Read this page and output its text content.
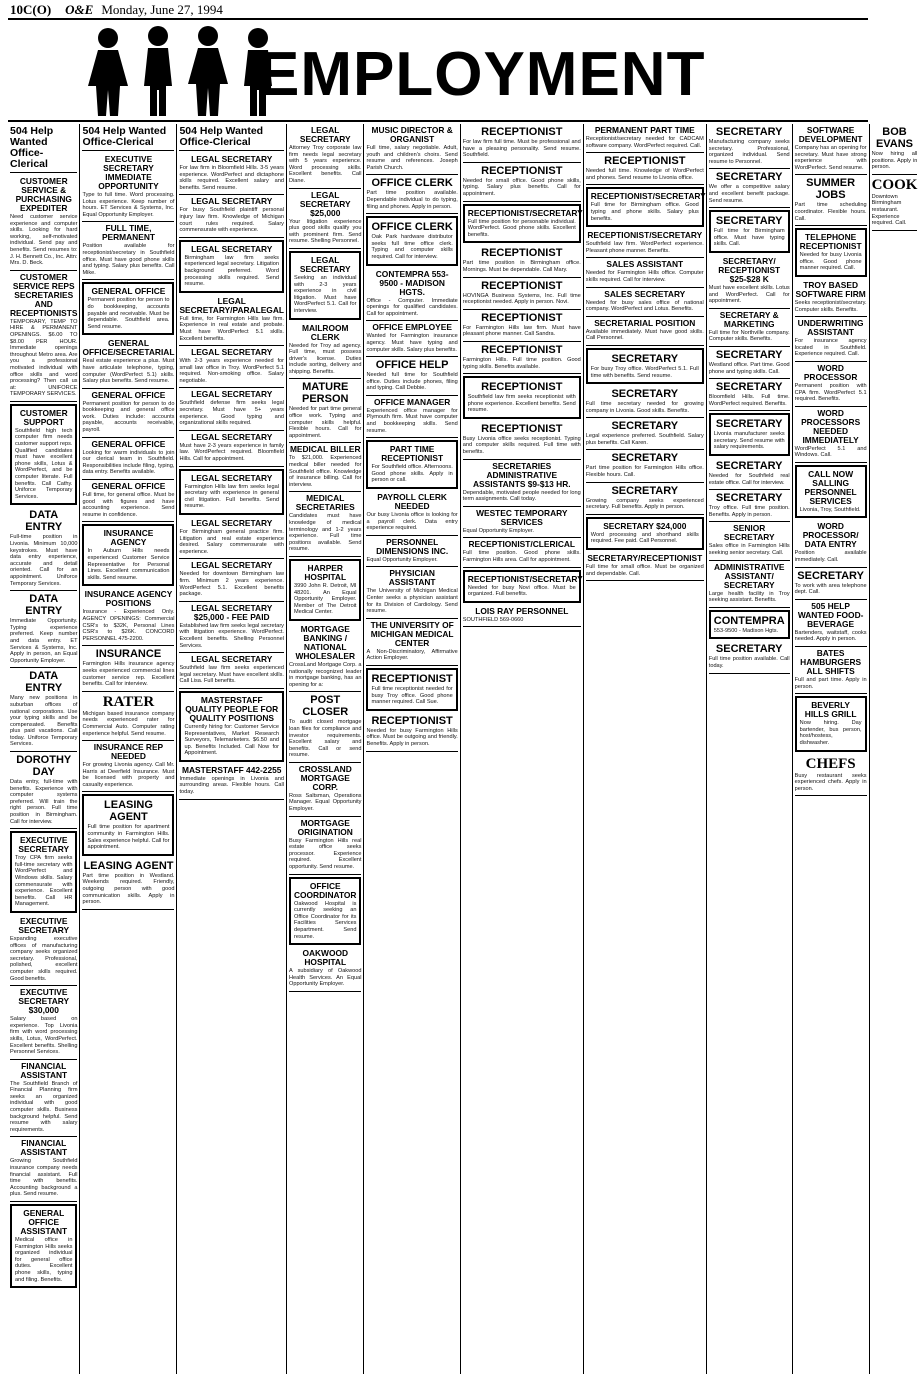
10C(O) O&E Monday, June 27, 1994
EMPLOYMENT
504 Help Wanted Office-Clerical
CUSTOMER SERVICE & PURCHASING EXPEDITER

Need customer service experience and computer skills. Looking for hard working, self-motivated individual. Send pay and benefits. Send resumes to: J. H. Bennett Co., Inc. Attn: Mrs. D. Beck.

CUSTOMER SERVICE REPS SECRETARIES AND RECEPTIONISTS

TEMPORARY, TEMP TO HIRE & PERMANENT OPENINGS. $6.00 TO $8.00 PER HOUR. Immediate openings throughout Metro area. Are you a professional motivated individual with office skills and word processing? Then call us at: UNIFORCE TEMPORARY SERVICES.

CUSTOMER SUPPORT

Southfield high tech computer firm needs customer support reps. Qualified candidates must have excellent phone skills, Lotus & WordPerfect, and be computer literate. Full benefits. Call Cathy. Uniforce Temporary Services.

DATA ENTRY

Full-time position in Livonia. Minimum 10,000 keystrokes. Must have data entry experience, accurate and detail oriented. Call for an appointment. Uniforce Temporary Services.

DATA ENTRY

Immediate Opportunity. Typing experience preferred. Keep number and data entry. ET Services & Systems, Inc. Apply in person, an Equal Opportunity Employer.

DATA ENTRY

Many new positions in suburban offices of national corporations. Use your typing skills and be compensated. Benefits plus paid vacations. Call today. Uniforce Temporary Services.

DOROTHY DAY

Data entry, full-time with benefits. Experience with computer systems preferred. Will train the right person. Full time position in Birmingham. Call for interview.

EXECUTIVE SECRETARY

Troy CPA firm seeks full-time secretary with WordPerfect and Windows skills. Salary commensurate with experience. Excellent benefits. Call HR Management.

EXECUTIVE SECRETARY

Expanding executive offices of manufacturing company seeks organized secretary. Professional, polished, excellent computer skills required. Good benefits.

EXECUTIVE SECRETARY $30,000

Salary based on experience. Top Livonia firm with word processing skills, Lotus, WordPerfect. Excellent benefits. Shelling Personnel Services.

FINANCIAL ASSISTANT

The Southfield Branch of Financial Planning firm seeks an organized individual with good computer skills. Business background helpful. Send resume with salary requirements.

FINANCIAL ASSISTANT

Growing Southfield insurance company needs financial assistant. Full time with benefits. Accounting background a plus. Send resume.

GENERAL OFFICE ASSISTANT

Medical office in Farmington Hills seeks organized individual for general office duties. Excellent phone skills, typing and filing. Benefits.

504 Help Wanted Office-Clerical
EXECUTIVE SECRETARY IMMEDIATE OPPORTUNITY

Type to full time. Word processing. Lotus experience. Keep number of hours. ET Services & Systems, Inc. Equal Opportunity Employer.

FULL TIME, PERMANENT

Position available for receptionist/secretary in Southfield office. Must have good phone skills and typing. Salary plus benefits. Call Mike.

GENERAL OFFICE

Permanent position for person to do bookkeeping, accounts payable and receivable. Must be dependable. Southfield area. Send resume.

GENERAL OFFICE/SECRETARIAL

Real estate experience a plus. Must have articulate telephone, typing, computer (WordPerfect 5.1) skills. Salary plus benefits. Send resume.

GENERAL OFFICE

Permanent position for person to do bookkeeping and general office work. Duties include: accounts payable, accounts receivable, payroll.

GENERAL OFFICE

Looking for warm individuals to join our clerical team in Southfield. Responsibilities include filing, typing, data entry. Benefits available.

GENERAL OFFICE

Full time, for general office. Must be good with figures and have accounting experience. Send resume in confidence.

INSURANCE AGENCY

In Auburn Hills needs experienced Customer Service Representative for Personal Lines. Excellent communication skills. Send resume.

INSURANCE AGENCY POSITIONS

Insurance - Experienced Only. AGENCY OPENINGS: Commercial CSR's to $32K, Personal Lines CSR's to $26K. CONCORD PERSONNEL 475-2200.

INSURANCE

Farmington Hills insurance agency seeks experienced commercial lines customer service rep. Excellent benefits. Call for interview.

RATER

Michigan based insurance company needs experienced rater for Commercial Auto. Computer rating experience helpful. Send resume.

INSURANCE REP NEEDED

For growing Livonia agency. Call Mr. Harris at Deerfield Insurance. Must be licensed with property and casualty experience.

LEASING AGENT

Full time position for apartment community in Farmington Hills. Sales experience helpful. Call for appointment.

LEASING AGENT

Part time position in Westland. Weekends required. Friendly, outgoing person with good communication skills. Apply in person.

504 Help Wanted Office-Clerical
LEGAL SECRETARY

For law firm in Bloomfield Hills. 3-5 years experience. WordPerfect and dictaphone skills required. Excellent salary and benefits. Send resume.

LEGAL SECRETARY

For busy Southfield plaintiff personal injury law firm. Knowledge of Michigan court rules required. Salary commensurate with experience.

LEGAL SECRETARY

Birmingham law firm seeks experienced legal secretary. Litigation background preferred. Word processing skills required. Send resume.

LEGAL SECRETARY/PARALEGAL

Full time, for Farmington Hills law firm. Experience in real estate and probate. Must have WordPerfect 5.1 skills. Excellent benefits.

LEGAL SECRETARY

With 2-3 years experience needed for small law office in Troy. WordPerfect 5.1 required. Non-smoking office. Salary negotiable.

LEGAL SECRETARY

Southfield defense firm seeks legal secretary. Must have 5+ years experience. Good typing and organizational skills required.

LEGAL SECRETARY

Must have 2-3 years experience in family law. WordPerfect required. Bloomfield Hills. Call for appointment.

LEGAL SECRETARY

Farmington Hills law firm seeks legal secretary with experience in general civil litigation. Full benefits. Send resume.

LEGAL SECRETARY

For Birmingham general practice firm. Litigation and real estate experience desired. Salary commensurate with experience.

LEGAL SECRETARY

Needed for downtown Birmingham law firm. Minimum 2 years experience. WordPerfect 5.1. Excellent benefits package.

LEGAL SECRETARY $25,000 - FEE PAID

Established law firm seeks legal secretary with litigation experience. WordPerfect. Excellent benefits. Shelling Personnel Services.

LEGAL SECRETARY

Southfield law firm seeks experienced legal secretary. Must have excellent skills. Call Lisa. Full benefits.

MASTERSTAFF QUALITY PEOPLE FOR QUALITY POSITIONS

Currently hiring for: Customer Service Representatives, Market Research Surveyors, Telemarketers. $6.50 and up. Benefits Included. Call Now for Appointment.

MASTERSTAFF 442-2255

Immediate openings in Livonia and surrounding areas. Flexible hours. Call today.

LEGAL SECRETARY

Attorney Troy corporate law firm needs legal secretary with 5 years experience. Word processing skills. Excellent benefits. Call Diane.

LEGAL SECRETARY $25,000

Your litigation experience plus good skills qualify you with prominent firm. Send resume. Shelling Personnel.

LEGAL SECRETARY

Seeking an individual with 2-3 years experience in civil litigation. Must have WordPerfect 5.1. Call for interview.

MAILROOM CLERK

Needed for Troy ad agency. Full time, must possess driver's license. Duties include sorting, delivery and shipping. Benefits.

MATURE PERSON

Needed for part time general office work. Typing and computer skills helpful. Flexible hours. Call for appointment.

MEDICAL BILLER

To $21,000. Experienced medical biller needed for Southfield office. Knowledge of insurance billing. Call for interview.

MEDICAL SECRETARIES

Candidates must have knowledge of medical terminology and 1-2 years experience. Full time positions available. Send resume.

HARPER HOSPITAL

3990 John R. Detroit, MI 48201. An Equal Opportunity Employer. Member of The Detroit Medical Center.

MORTGAGE BANKING / NATIONAL WHOLESALER

CrossLand Mortgage Corp. a nationally recognized leader in mortgage banking, has an opening for a:

POST CLOSER

To audit closed mortgage loan files for compliance and investor requirements. Excellent salary and benefits. Call or send resume.

CROSSLAND MORTGAGE CORP.

Ross Saltsman, Operations Manager. Equal Opportunity Employer.

MORTGAGE ORIGINATION

Busy Farmington Hills real estate office seeks processor. Experience required. Excellent opportunity. Send resume.

OFFICE COORDINATOR

Oakwood Hospital is currently seeking an Office Coordinator for its Facilities Services department. Send resume.

OAKWOOD HOSPITAL

A subsidiary of Oakwood Health Services. An Equal Opportunity Employer.

MUSIC DIRECTOR & ORGANIST

Full time, salary negotiable. Adult, youth and children's choirs. Send resume and references. Joseph Parish Church.

OFFICE CLERK

Part time position available. Dependable individual to do typing, filing and phones. Apply in person.

OFFICE CLERK

Oak Park hardware distributor seeks full time office clerk. Typing and computer skills required. Call for interview.

CONTEMPRA 553-9500 - MADISON HGTS.

Office - Computer. Immediate openings for qualified candidates. Call for appointment.

OFFICE EMPLOYEE

Wanted for Farmington insurance agency. Must have typing and computer skills. Salary plus benefits.

OFFICE HELP

Needed full time for Southfield office. Duties include phones, filing and typing. Call Debbie.

OFFICE MANAGER

Experienced office manager for Plymouth firm. Must have computer and bookkeeping skills. Send resume.

PART TIME RECEPTIONIST

For Southfield office. Afternoons. Good phone skills. Apply in person or call.

PAYROLL CLERK NEEDED

Our busy Livonia office is looking for a payroll clerk. Data entry experience required.

PERSONNEL DIMENSIONS INC.

Equal Opportunity Employer.

PHYSICIAN ASSISTANT

The University of Michigan Medical Center seeks a physician assistant for its Division of Cardiology. Send resume.

THE UNIVERSITY OF MICHIGAN MEDICAL CENTER

A Non-Discriminatory, Affirmative Action Employer.

RECEPTIONIST

Full time receptionist needed for busy Troy office. Good phone manner required. Call Sue.

RECEPTIONIST

Needed for busy Farmington Hills office. Must be outgoing and friendly. Benefits. Apply in person.

RECEPTIONIST

For law firm full time. Must be professional and have a pleasing personality. Send resume. Southfield.

RECEPTIONIST

Needed for small office. Good phone skills, typing. Salary plus benefits. Call for appointment.

RECEPTIONIST/SECRETARY

Full time position for personable individual. WordPerfect. Good phone skills. Excellent benefits.

RECEPTIONIST

Part time position in Birmingham office. Mornings. Must be dependable. Call Mary.

RECEPTIONIST

HOVINGA Business Systems, Inc. Full time receptionist needed. Apply in person. Novi.

RECEPTIONIST

For Farmington Hills law firm. Must have pleasant phone manner. Call Sandra.

RECEPTIONIST

Farmington Hills. Full time position. Good typing skills. Benefits available.

RECEPTIONIST

Southfield law firm seeks receptionist with phone experience. Excellent benefits. Send resume.

RECEPTIONIST

Busy Livonia office seeks receptionist. Typing and computer skills required. Full time with benefits.

SECRETARIES ADMINISTRATIVE ASSISTANTS $9-$13 HR.

Dependable, motivated people needed for long term assignments. Call today.

WESTEC TEMPORARY SERVICES

Equal Opportunity Employer.

RECEPTIONIST/CLERICAL

Full time position. Good phone skills. Farmington Hills area. Call for appointment.

RECEPTIONIST/SECRETARY

Needed for busy Novi office. Must be organized. Full benefits.

LOIS RAY PERSONNEL

SOUTHFIELD 569-0660

PERMANENT PART TIME

Receptionist/secretary needed for CADCAM software company. WordPerfect required. Call.

RECEPTIONIST

Needed full time. Knowledge of WordPerfect and phones. Send resume to Livonia office.

RECEPTIONIST/SECRETARY

Full time for Birmingham office. Good typing and phone skills. Salary plus benefits.

RECEPTIONIST/SECRETARY

Southfield law firm. WordPerfect experience. Pleasant phone manner. Benefits.

SALES ASSISTANT

Needed for Farmington Hills office. Computer skills required. Call for interview.

SALES SECRETARY

Needed for busy sales office of national company. WordPerfect and Lotus. Benefits.

SECRETARIAL POSITION

Available immediately. Must have good skills. Call Personnel.

SECRETARY

For busy Troy office. WordPerfect 5.1. Full time with benefits. Send resume.

SECRETARY

Full time secretary needed for growing company in Livonia. Good skills. Benefits.

SECRETARY

Legal experience preferred. Southfield. Salary plus benefits. Call Karen.

SECRETARY

Part time position for Farmington Hills office. Flexible hours. Call.

SECRETARY

Growing company seeks experienced secretary. Full benefits. Apply in person.

SECRETARY $24,000

Word processing and shorthand skills required. Fee paid. Call Personnel.

SECRETARY/RECEPTIONIST

Full time for small office. Must be organized and dependable. Call.

SECRETARY

Manufacturing company seeks secretary. Professional, organized individual. Send resume to Personnel.

SECRETARY

We offer a competitive salary and excellent benefit package. Send resume.

SECRETARY

Full time for Birmingham office. Must have typing skills. Call.

SECRETARY/ RECEPTIONIST $25-$28 K

Must have excellent skills. Lotus and WordPerfect. Call for appointment.

SECRETARY & MARKETING

Full time for Northville company. Computer skills. Benefits.

SECRETARY

Westland office. Part time. Good phone and typing skills. Call.

SECRETARY

Bloomfield Hills. Full time. WordPerfect required. Benefits.

SECRETARY

Livonia manufacturer seeks secretary. Send resume with salary requirements.

SECRETARY

Needed for Southfield real estate office. Call for interview.

SECRETARY

Troy office. Full time position. Benefits. Apply in person.

SENIOR SECRETARY

Sales office in Farmington Hills seeking senior secretary. Call.

ADMINISTRATIVE ASSISTANT/ SECRETARY

Large health facility in Troy seeking assistant. Benefits.

CONTEMPRA

553-9500 - Madison Hgts.

SECRETARY

Full time position available. Call today.

SOFTWARE DEVELOPMENT

Company has an opening for secretary. Must have strong experience with WordPerfect. Send resume.

SUMMER JOBS

Part time scheduling coordinator. Flexible hours. Call.

TELEPHONE RECEPTIONIST

Needed for busy Livonia office. Good phone manner required. Call.

TROY BASED SOFTWARE FIRM

Seeks receptionist/secretary. Computer skills. Benefits.

UNDERWRITING ASSISTANT

For insurance agency located in Southfield. Experience required. Call.

WORD PROCESSOR

Permanent position with CPA firm. WordPerfect 5.1 required. Benefits.

WORD PROCESSORS NEEDED IMMEDIATELY

WordPerfect 5.1 and Windows. Call.

CALL NOW SALLING PERSONNEL SERVICES

Livonia, Troy, Southfield.

WORD PROCESSOR/ DATA ENTRY

Position available immediately. Call.

SECRETARY

To work with area telephone dept. Call.

505 HELP WANTED FOOD-BEVERAGE

Bartenders, waitstaff, cooks needed. Apply in person.

BATES HAMBURGERS ALL SHIFTS

Full and part time. Apply in person.

BEVERLY HILLS GRILL

Now hiring. Day bartender, bus person, host/hostess, dishwasher.

CHEFS

Busy restaurant seeks experienced chefs. Apply in person.

BOB EVANS

Now hiring all positions. Apply in person.

COOK

Downtown Birmingham restaurant. Experience required. Call.
